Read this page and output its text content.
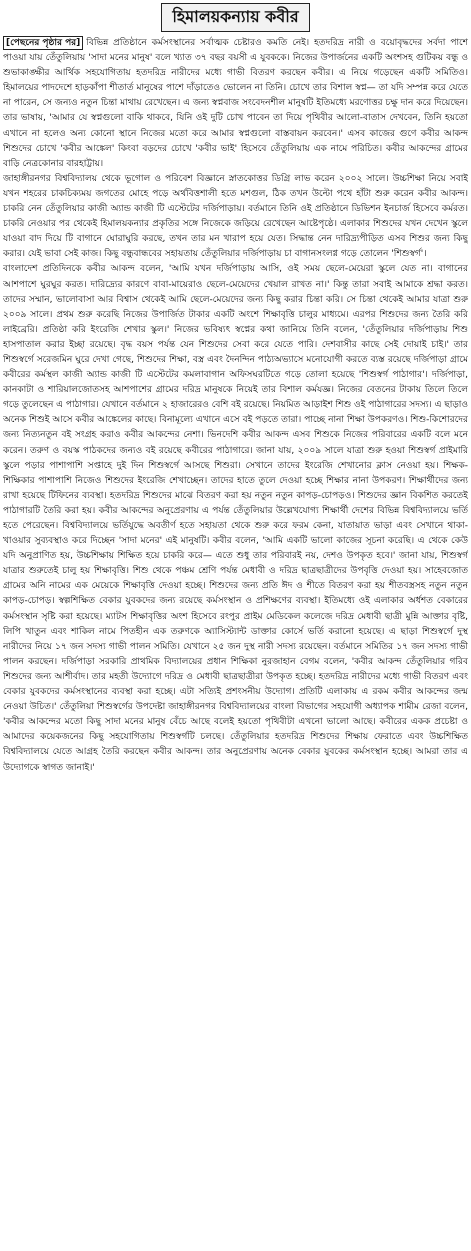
হিমালয়কন্যায় কবীর

[পেছনের পৃষ্ঠার পর] বিভিন্ন প্রতিষ্ঠানে কর্মসংস্থানের সর্বাত্মক চেষ্টারও কমতি নেই। হতদরিদ্র নারী ও বয়োবৃদ্ধদের সর্বদা পাশে পাওয়া যায় তেঁতুলিয়ায় 'সাদা মনের মানুষ' বলে খ্যাত ৩৭ বছর বয়সী এ যুবককে। নিজের উপার্জনের একটি অংশসহ গুটিকয় বন্ধু ও শুভাকাঙ্ক্ষীর আর্থিক সহযোগিতায় হতদরিদ্র নারীদের মধ্যে গাভী বিতরণ করছেন কবীর। এ নিয়ে গড়েছেন একটি সমিতিও। হিমালয়ের পাদদেশে হাড়কাঁপা শীতার্ত মানুষের পাশে দাঁড়াতেও ভোলেন না তিনি। চোখে তার বিশাল স্বপ্ন— তা যদি সম্পন্ন করে যেতে না পারেন, সে জন্যও নতুন চিন্তা মাথায় রেখেছেন। এ জন্য স্বপ্নবাজ সংবেদনশীল মানুষটি ইতিমধ্যে মরণোত্তর চক্ষু দান করে দিয়েছেন। তার ভাষায়, 'আমার যে স্বপ্নগুলো বাকি থাকবে, যিনি ওই দুটি চোখ পাবেন তা দিয়ে পৃথিবীর আলো-বাতাস দেখবেন, তিনি হয়তো এখানে না হলেও অন্য কোনো স্থানে নিজের মতো করে আমার স্বপ্নগুলো বাস্তবায়ন করবেন।' এসব কাজের গুণে কবীর আকন্দ শিশুদের চোখে 'কবীর আঙ্কেল' কিংবা বড়দের চোখে 'কবীর ভাই' হিসেবে তেঁতুলিয়ায় এক নামে পরিচিত। কবীর আকন্দের গ্রামের বাড়ি নেত্রকোনার বারহাট্টায়।

জাহাঙ্গীরনগর বিশ্ববিদ্যালয় থেকে ভূগোল ও পরিবেশ বিজ্ঞানে স্নাতকোত্তর ডিগ্রি লাভ করেন ২০০২ সালে। উচ্চশিক্ষা নিয়ে সবাই যখন শহরের চাকচিক্যময় জগতের মোহে পড়ে অর্থবিত্তশালী হতে মশগুল, ঠিক তখন উল্টো পথে হাঁটা শুরু করেন কবীর আকন্দ। চাকরি নেন তেঁতুলিয়ার কাজী অ্যান্ড কাজী টি এস্টেটের দর্জিপাড়ায়। বর্তমানে তিনি ওই প্রতিষ্ঠানে ডিভিশন ইনচার্জ হিসেবে কর্মরত। চাকরি নেওয়ার পর থেকেই হিমালয়কন্যার প্রকৃতির সঙ্গে নিজেকে জড়িয়ে রেখেছেন আষ্টেপৃষ্ঠে। এলাকার শিশুদের যখন দেখেন স্কুলে যাওয়া বাদ দিয়ে টি বাগানে ঘোরাঘুরি করছে, তখন তার মন খারাপ হয়ে যেত। সিদ্ধান্ত নেন দারিদ্র্যপীড়িত এসব শিশুর জন্য কিছু করার। যেই ভাবা সেই কাজ। কিছু বন্ধুবান্ধবের সহায়তায় তেঁতুলিয়ার দর্জিপাড়ায় চা বাগানসংলগ্ন গড়ে তোলেন 'শিশুস্বর্গ'।

বাংলাদেশ প্রতিদিনকে কবীর আকন্দ বলেন, 'আমি যখন দর্জিপাড়ায় আসি, ওই সময় ছেলে-মেয়েরা স্কুলে যেত না। বাগানের আশপাশে ঘুরঘুর করত। দারিদ্র্যের কারণে বাবা-মায়েরাও ছেলে-মেয়েদের খেয়াল রাখত না।' কিন্তু তারা সবাই আমাকে শ্রদ্ধা করত। তাদের সম্মান, ভালোবাসা আর বিশ্বাস থেকেই আমি ছেলে-মেয়েদের জন্য কিছু করার চিন্তা করি। সে চিন্তা থেকেই আমার যাত্রা শুরু ২০০৯ সালে। প্রথম শুরু করেছি নিজের উপার্জিত টাকার একটি অংশে শিক্ষাবৃত্তি চালুর মাধ্যমে। এরপর শিশুদের জন্য তৈরি করি লাইব্রেরি। প্রতিষ্ঠা করি ইংরেজি শেখার স্কুল।' নিজের ভবিষ্যৎ স্বপ্নের কথা জানিয়ে তিনি বলেন, 'তেঁতুলিয়ার দর্জিপাড়ায় শিশু হাসপাতাল করার ইচ্ছা রয়েছে। বৃদ্ধ বয়স পর্যন্ত যেন শিশুদের সেবা করে যেতে পারি। দেশবাসীর কাছে সেই দোয়াই চাই।' তার শিশুস্বর্গে সরেজমিন ঘুরে দেখা গেছে, শিশুদের শিক্ষা, বস্ত্র এবং দৈনন্দিন পাঠ্যঅভ্যাসে মনোযোগী করতে ব্যস্ত রয়েছে দর্জিপাড়া গ্রামে কবীরের কর্মস্থল কাজী অ্যান্ড কাজী টি এস্টেটের কমলাবাগান অফিসঘরটিতে গড়ে তোলা হয়েছে 'শিশুস্বর্গ পাঠাগার'। দর্জিপাড়া, কানকাটা ও শারিয়ালজোতসহ আশপাশের গ্রামের দরিদ্র মানুষকে নিয়েই তার বিশাল কর্মযজ্ঞ। নিজের বেতনের টাকায় তিলে তিলে গড়ে তুলেছেন এ পাঠাগার। যেখানে বর্তমানে ২ হাজারেরও বেশি বই রয়েছে। নিয়মিত আড়াইশ শিশু ওই পাঠাগারের সদস্য। এ ছাড়াও অনেক শিশুই আসে কবীর আঙ্কেলের কাছে। বিনামূল্যে এখানে এসে বই পড়তে তারা। পাচ্ছে নানা শিক্ষা উপকরণও। শিশু-কিশোরদের জন্য নিত্যনতুন বই সংগ্রহ করাও কবীর আকন্দের নেশা। ভিনদেশি কবীর আকন্দ এসব শিশুকে নিজের পরিবারের একটি বলে মনে করেন। তরুণ ও বয়স্ক পাঠকদের জন্যও বই রয়েছে কবীরের পাঠাগারে। জানা যায়, ২০০৯ সালে যাত্রা শুরু হওয়া শিশুস্বর্গ প্রাইমারি স্কুলে পড়ার পাশাপাশি সপ্তাহে দুই দিন শিশুস্বর্গে আসছে শিশুরা। সেখানে তাদের ইংরেজি শেখানোর ক্লাস নেওয়া হয়। শিক্ষক-শিক্ষিকার পাশাপাশি নিজেও শিশুদের ইংরেজি শেখাচ্ছেন। তাদের হাতে তুলে দেওয়া হচ্ছে শিক্ষার নানা উপকরণ। শিক্ষার্থীদের জন্য রাখা হয়েছে টিফিনের ব্যবস্থা। হতদরিদ্র শিশুদের মাঝে বিতরণ করা হয় নতুন নতুন কাপড়-চোপড়ও। শিশুদের জ্ঞান বিকশিত করতেই পাঠাগারটি তৈরি করা হয়। কবীর আকন্দের অনুপ্রেরণায় এ পর্যন্ত তেঁতুলিয়ার উল্লেখযোগ্য শিক্ষার্থী দেশের বিভিন্ন বিশ্ববিদ্যালয়ে ভর্তি হতে পেরেছেন। বিশ্ববিদ্যালয়ে ভর্তিযুদ্ধে অবতীর্ণ হতে সহায়তা থেকে শুরু করে ফরম কেনা, যাতায়াত ভাড়া এবং সেখানে থাকা-খাওয়ার সুব্যবস্থাও করে দিচ্ছেন 'সাদা মনের' এই মানুষটি। কবীর বলেন, 'আমি একটি ভালো কাজের সূচনা করেছি। এ থেকে কেউ যদি অনুপ্রাণিত হয়, উচ্চশিক্ষায় শিক্ষিত হয়ে চাকরি করে— এতে শুধু তার পরিবারই নয়, দেশও উপকৃত হবে।' জানা যায়, শিশুস্বর্গ যাত্রার শুরুতেই চালু হয় শিক্ষাবৃত্তি। শিশু থেকে পঞ্চম শ্রেণি পর্যন্ত মেধাবী ও দরিদ্র ছাত্রছাত্রীদের উপবৃত্তি দেওয়া হয়। সাহেবজোত গ্রামের অনি নামের এক মেয়েকে শিক্ষাবৃত্তি দেওয়া হচ্ছে। শিশুদের জন্য প্রতি ঈদ ও শীতে বিতরণ করা হয় শীতবস্ত্রসহ নতুন নতুন কাপড়-চোপড়। স্বল্পশিক্ষিত বেকার যুবকদের জন্য রয়েছে কর্মসংস্থান ও প্রশিক্ষণের ব্যবস্থা। ইতিমধ্যে ওই এলাকার অর্ধশত বেকারের কর্মসংস্থান সৃষ্টি করা হয়েছে। ম্যাটস শিক্ষাবৃত্তির অংশ হিসেবে রংপুর প্রাইম মেডিকেল কলেজে দরিদ্র মেধাবী ছাত্রী মুন্নি আক্তার বৃষ্টি, লিপি খাতুন এবং শাকিল নামে পিতহীন এক তরুণকে অ্যাসিস্ট্যান্ট ডাক্তার কোর্সে ভর্তি করানো হয়েছে। এ ছাড়া শিশুস্বর্গে দুস্থ নারীদের নিয়ে ১৭ জন সদস্য গাভী পালন সমিতি। যেখানে ২৫ জন দুস্থ নারী সদস্য রয়েছেন। বর্তমানে সমিতির ১৭ জন সদস্য গাভী পালন করছেন। দর্জিপাড়া সরকারি প্রাথমিক বিদ্যালয়ের প্রধান শিক্ষিকা নুরজাহান বেগম বলেন, 'কবীর আকন্দ তেঁতুলিয়ার গরিব শিশুদের জন্য আশীর্বাদ। তার মহতী উদ্যোগে দরিদ্র ও মেধাবী ছাত্রছাত্রীরা উপকৃত হচ্ছে। হতদরিদ্র নারীদের মধ্যে গাভী বিতরণ এবং বেকার যুবকদের কর্মসংস্থানের ব্যবস্থা করা হচ্ছে। এটা সত্যিই প্রশংসনীয় উদ্যোগ। প্রতিটি এলাকায় এ রকম কবীর আকন্দের জন্ম নেওয়া উচিত।' তেঁতুলিয়া শিশুস্বর্গের উপদেষ্টা জাহাঙ্গীরনগর বিশ্ববিদ্যালয়ের বাংলা বিভাগের সহযোগী অধ্যাপক শামীম রেজা বলেন, 'কবীর আকন্দের মতো কিছু সাদা মনের মানুষ বেঁচে আছে বলেই হয়তো পৃথিবীটা এখনো ভালো আছে। কবীরের একক প্রচেষ্টা ও আমাদের কয়েকজনের কিছু সহযোগিতায় শিশুস্বর্গটি চলছে। তেঁতুলিয়ার হতদরিদ্র শিশুদের শিক্ষায় ফেরাতে এবং উচ্চশিক্ষিত বিশ্ববিদ্যালয়ে যেতে আগ্রহ তৈরি করছেন কবীর আকন্দ। তার অনুপ্রেরণায় অনেক বেকার যুবকের কর্মসংস্থান হচ্ছে। আমরা তার এ উদ্যোগকে স্বাগত জানাই।'
